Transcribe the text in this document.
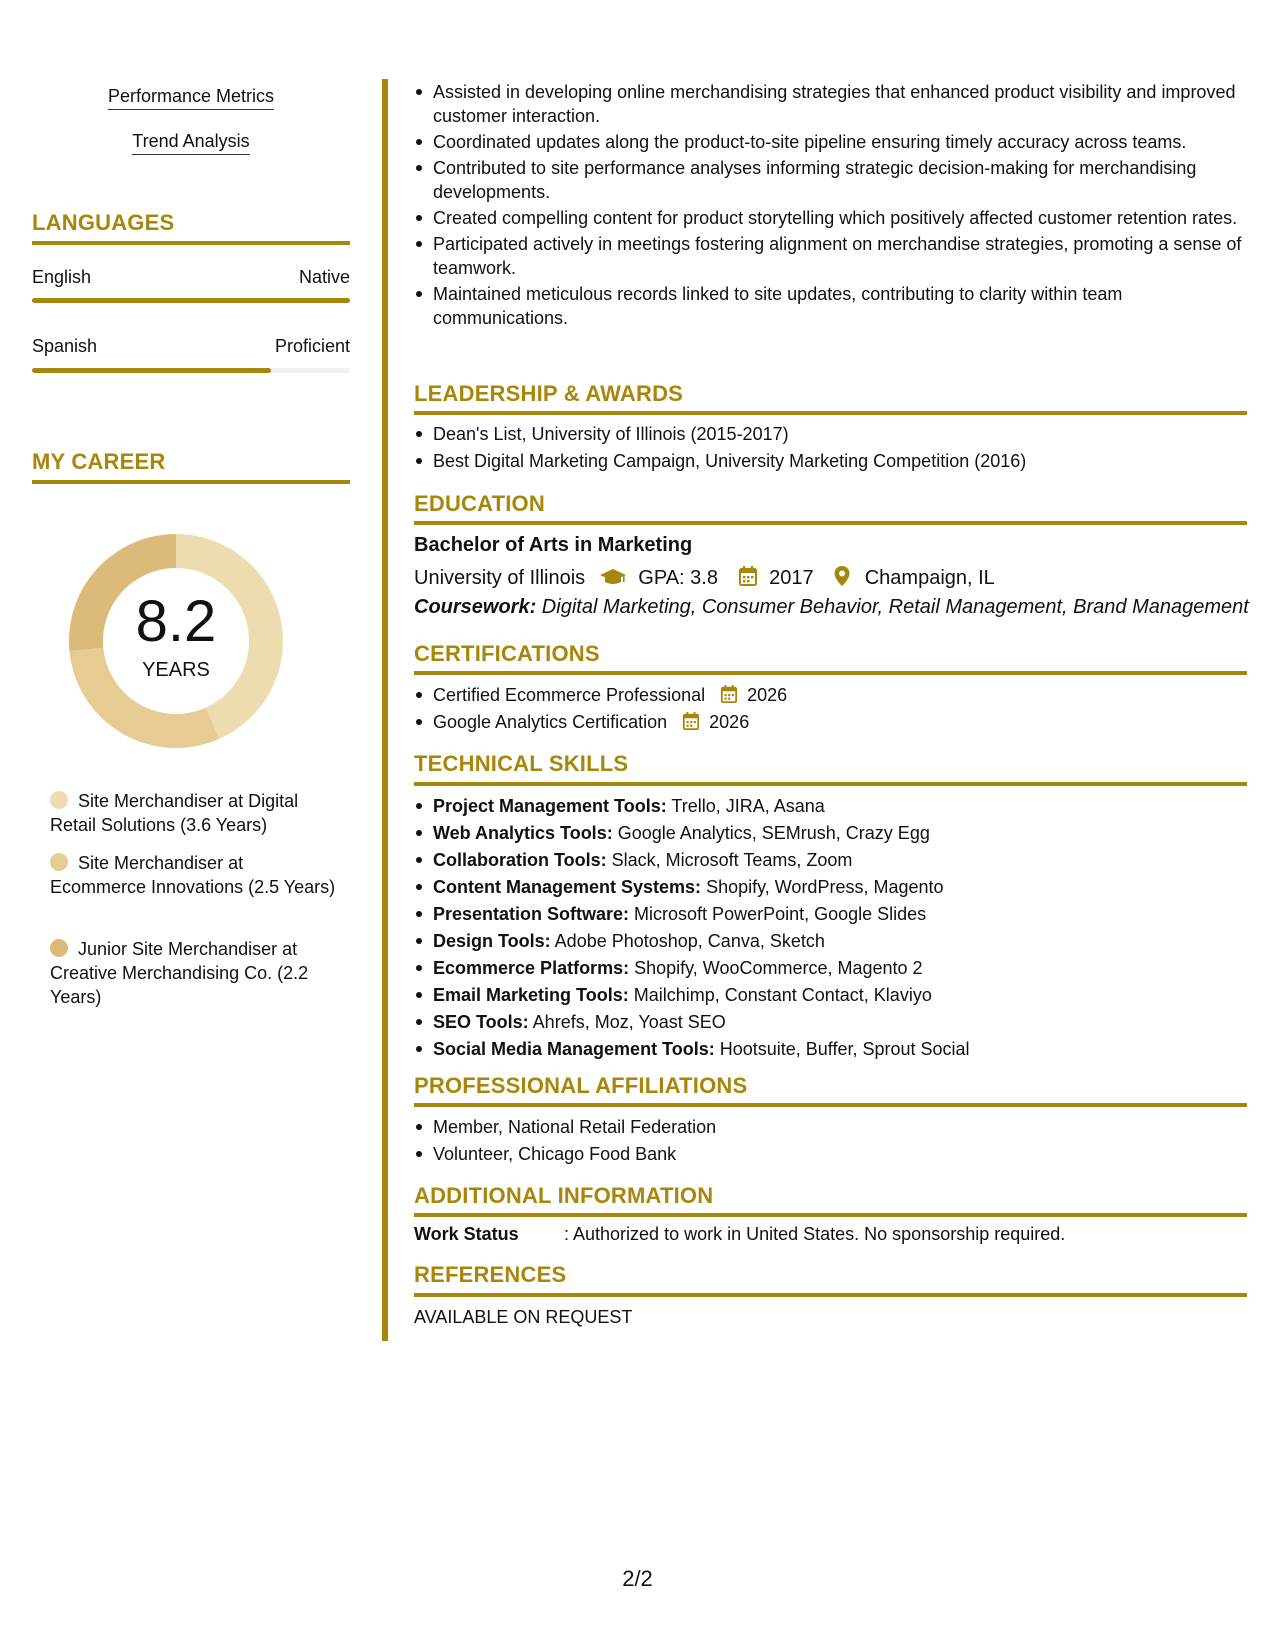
Performance Metrics
Trend Analysis
LANGUAGES
English	Native
Spanish	Proficient
MY CAREER
8.2
YEARS
Site Merchandiser at Digital Retail Solutions (3.6 Years)
Site Merchandiser at Ecommerce Innovations (2.5 Years)
Junior Site Merchandiser at Creative Merchandising Co. (2.2 Years)
Assisted in developing online merchandising strategies that enhanced product visibility and improved customer interaction.
Coordinated updates along the product-to-site pipeline ensuring timely accuracy across teams.
Contributed to site performance analyses informing strategic decision-making for merchandising developments.
Created compelling content for product storytelling which positively affected customer retention rates.
Participated actively in meetings fostering alignment on merchandise strategies, promoting a sense of teamwork.
Maintained meticulous records linked to site updates, contributing to clarity within team communications.
LEADERSHIP & AWARDS
Dean's List, University of Illinois (2015-2017)
Best Digital Marketing Campaign, University Marketing Competition (2016)
EDUCATION
Bachelor of Arts in Marketing
University of Illinois	GPA: 3.8	2017	Champaign, IL
Coursework: Digital Marketing, Consumer Behavior, Retail Management, Brand Management
CERTIFICATIONS
Certified Ecommerce Professional 2026
Google Analytics Certification 2026
TECHNICAL SKILLS
Project Management Tools: Trello, JIRA, Asana
Web Analytics Tools: Google Analytics, SEMrush, Crazy Egg
Collaboration Tools: Slack, Microsoft Teams, Zoom
Content Management Systems: Shopify, WordPress, Magento
Presentation Software: Microsoft PowerPoint, Google Slides
Design Tools: Adobe Photoshop, Canva, Sketch
Ecommerce Platforms: Shopify, WooCommerce, Magento 2
Email Marketing Tools: Mailchimp, Constant Contact, Klaviyo
SEO Tools: Ahrefs, Moz, Yoast SEO
Social Media Management Tools: Hootsuite, Buffer, Sprout Social
PROFESSIONAL AFFILIATIONS
Member, National Retail Federation
Volunteer, Chicago Food Bank
ADDITIONAL INFORMATION
Work Status	: Authorized to work in United States. No sponsorship required.
REFERENCES
AVAILABLE ON REQUEST
2/2
